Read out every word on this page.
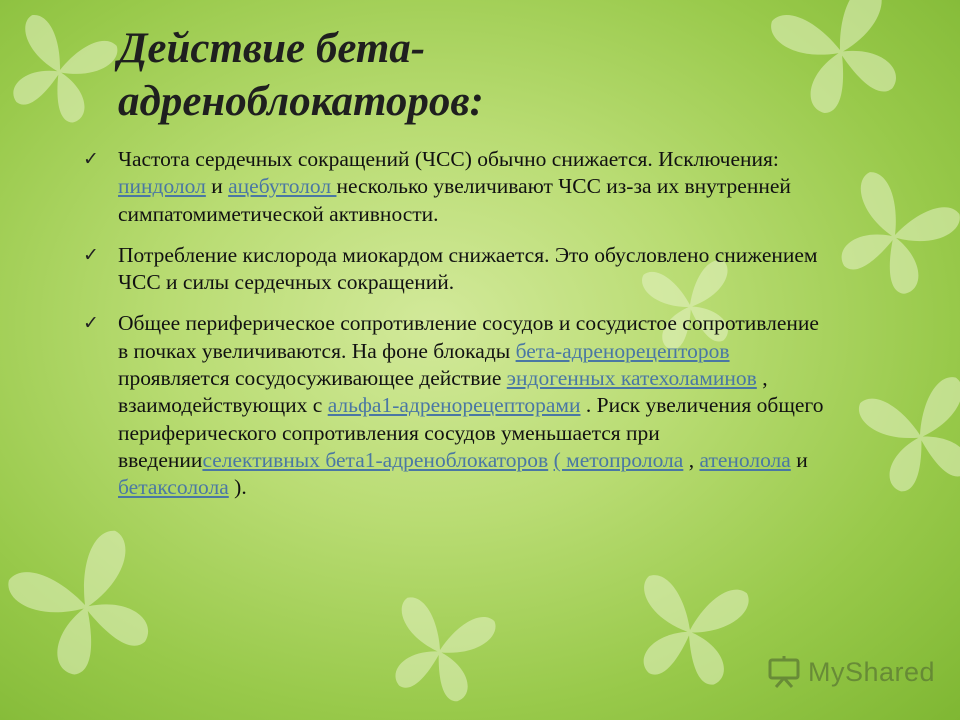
Действие бета-
адреноблокаторов:
✓ Частота сердечных сокращений (ЧСС) обычно снижается. Исключения: пиндолол и ацебутолол несколько увеличивают ЧСС из-за их внутренней симпатомиметической активности.
✓ Потребление кислорода миокардом снижается. Это обусловлено снижением ЧСС и силы сердечных сокращений.
✓ Общее периферическое сопротивление сосудов и сосудистое сопротивление в почках увеличиваются. На фоне блокады бета-адренорецепторов проявляется сосудосуживающее действие эндогенных катехоламинов , взаимодействующих с альфа1-адренорецепторами . Риск увеличения общего периферического сопротивления сосудов уменьшается при введенииселективных бета1-адреноблокаторов ( метопролола , атенолола и бетаксолола ).
MyShared
